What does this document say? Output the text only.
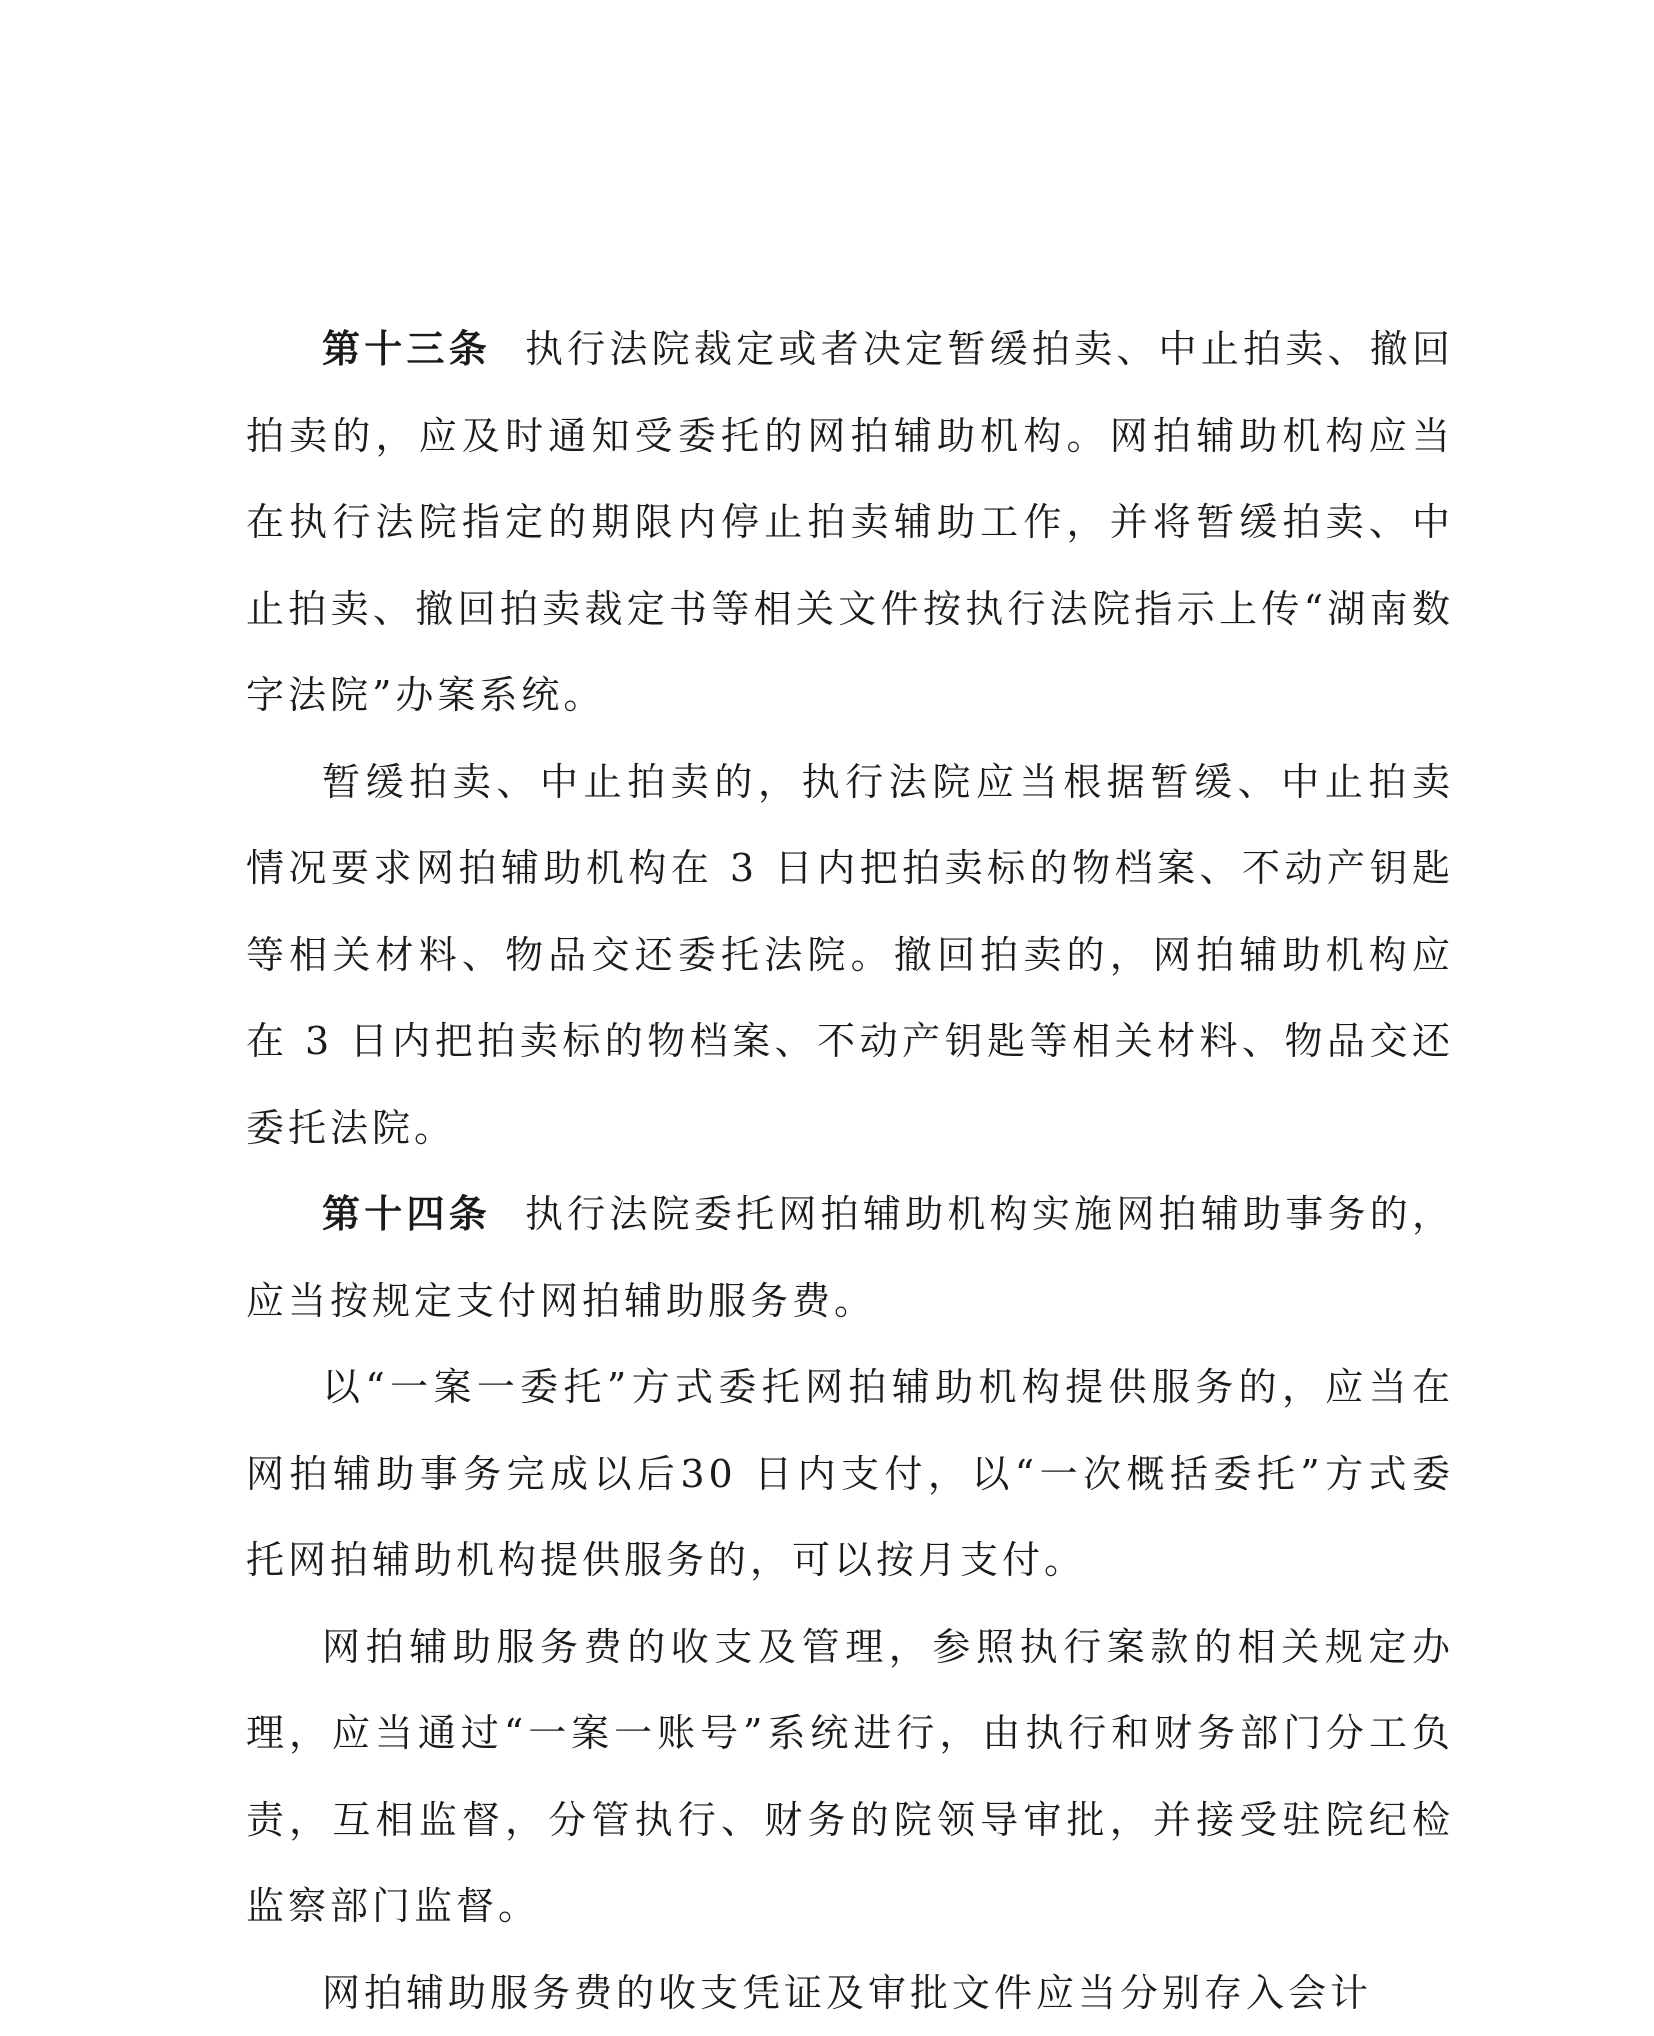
第十三条 执行法院裁定或者决定暂缓拍卖、中止拍卖、撤回拍卖的，应及时通知受委托的网拍辅助机构。网拍辅助机构应当在执行法院指定的期限内停止拍卖辅助工作，并将暂缓拍卖、中止拍卖、撤回拍卖裁定书等相关文件按执行法院指示上传“湖南数字法院”办案系统。

暂缓拍卖、中止拍卖的，执行法院应当根据暂缓、中止拍卖情况要求网拍辅助机构在 3 日内把拍卖标的物档案、不动产钥匙等相关材料、物品交还委托法院。撤回拍卖的，网拍辅助机构应在 3 日内把拍卖标的物档案、不动产钥匙等相关材料、物品交还委托法院。

第十四条 执行法院委托网拍辅助机构实施网拍辅助事务的，应当按规定支付网拍辅助服务费。

以“一案一委托”方式委托网拍辅助机构提供服务的，应当在网拍辅助事务完成以后30 日内支付，以“一次概括委托”方式委托网拍辅助机构提供服务的，可以按月支付。

网拍辅助服务费的收支及管理，参照执行案款的相关规定办理，应当通过“一案一账号”系统进行，由执行和财务部门分工负责，互相监督，分管执行、财务的院领导审批，并接受驻院纪检监察部门监督。

网拍辅助服务费的收支凭证及审批文件应当分别存入会计
